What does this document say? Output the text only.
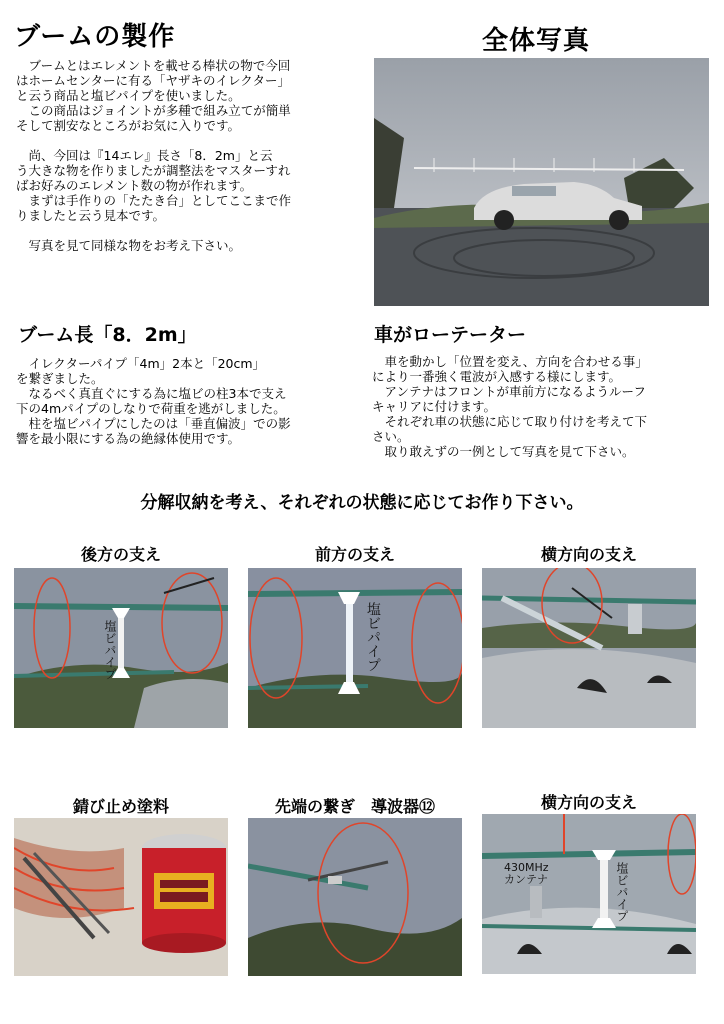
ブームの製作	全体写真

　ブームとはエレメントを載せる棒状の物で今回

はホームセンターに有る「ヤザキのイレクター」

と云う商品と塩ビパイプを使いました。

　この商品はジョイントが多種で組み立てが簡単

そして割安なところがお気に入りです。

　尚、今回は『14エレ』長さ「8．2m」と云

う大きな物を作りましたが調整法をマスターすれ

ばお好みのエレメント数の物が作れます。

　まずは手作りの「たたき台」としてここまで作

りましたと云う見本です。

　写真を見て同様な物をお考え下さい。

ブーム長「8．2m」

　イレクターパイプ「4m」2本と「20cm」

を繋ぎました。

　なるべく真直ぐにする為に塩ビの柱3本で支え

下の4mパイプのしなりで荷重を逃がしました。

　柱を塩ビパイプにしたのは「垂直偏波」での影

響を最小限にする為の絶縁体使用です。

車がローテーター

　車を動かし「位置を変え、方向を合わせる事」

により一番強く電波が入感する様にします。

　アンテナはフロントが車前方になるようルーフ

キャリアに付けます。

　それぞれ車の状態に応じて取り付けを考えて下

さい。

　取り敢えずの一例として写真を見て下さい。

分解収納を考え、それぞれの状態に応じてお作り下さい。
後方の支え	前方の支え	横方向の支え
塩ビパイプ	塩ビパイプ
錆び止め塗料	先端の繋ぎ　導波器⑫	横方向の支え
430MHz
カンテナ	塩ビパイプ
